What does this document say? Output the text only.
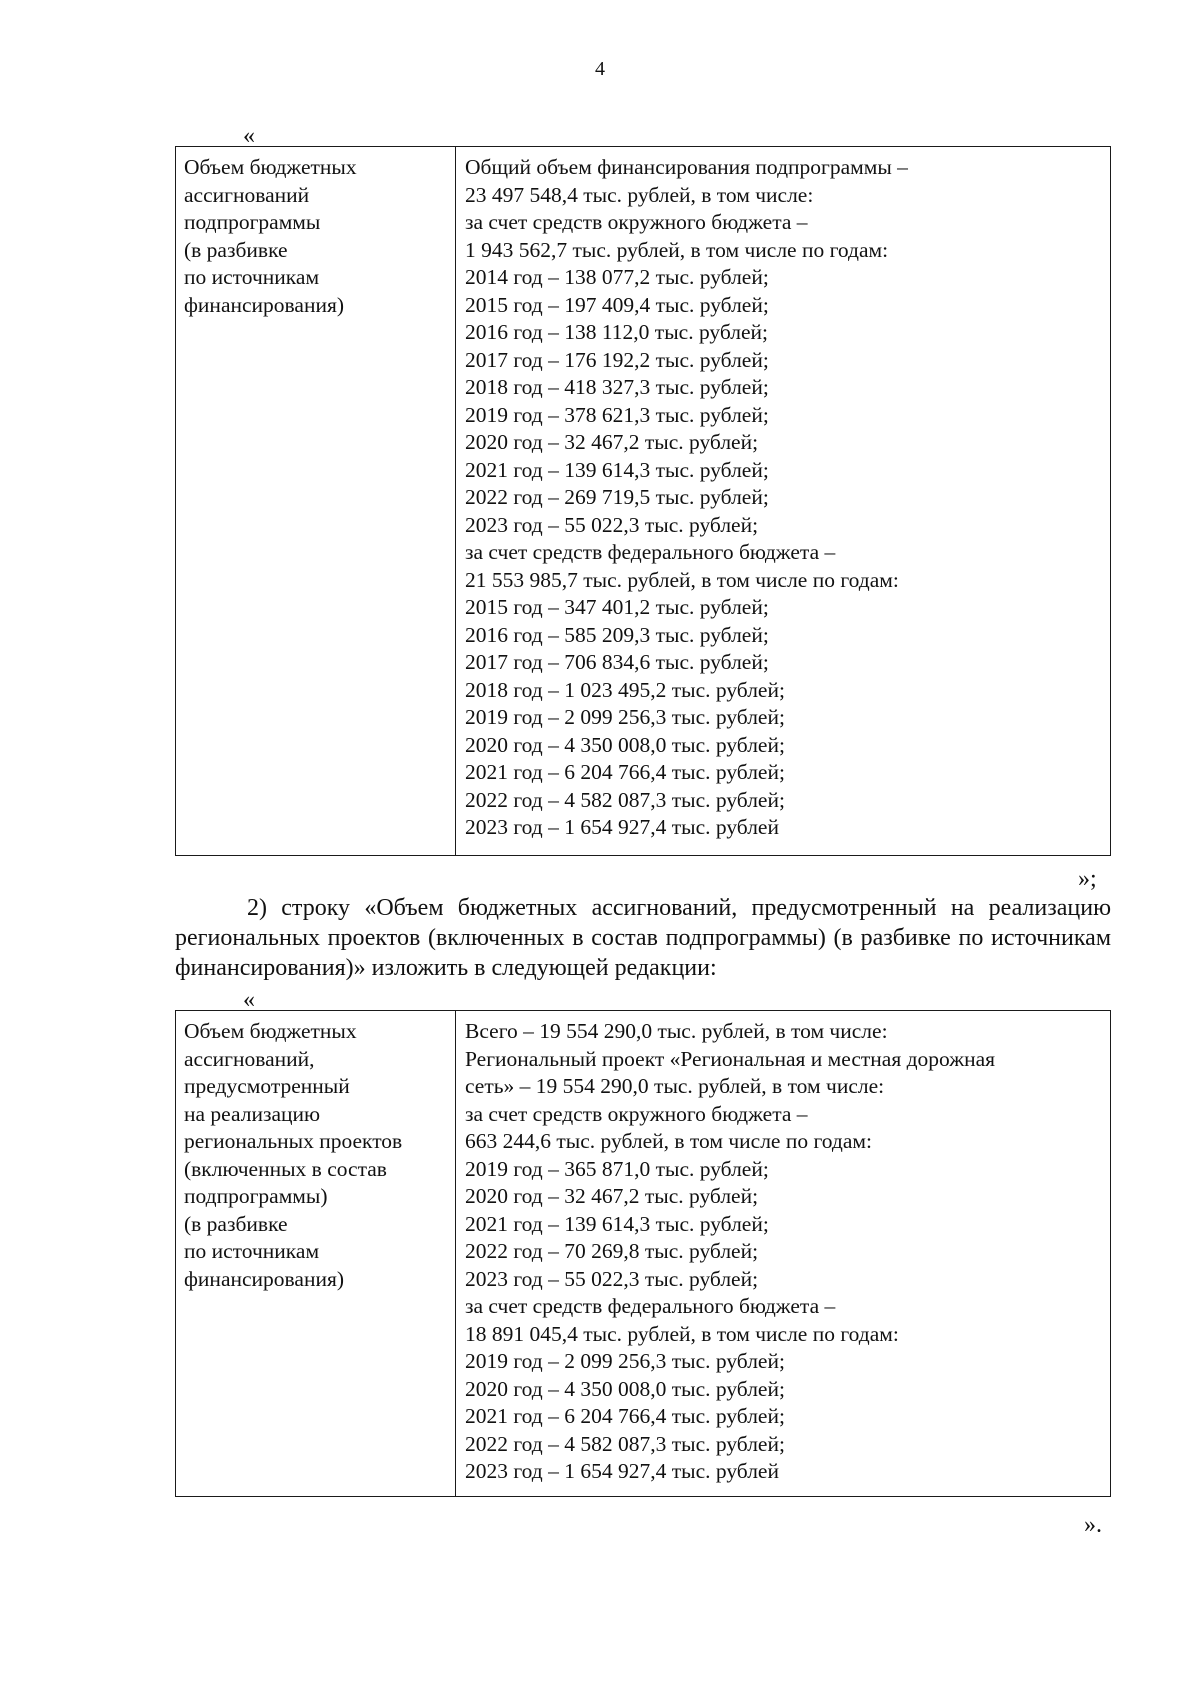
4
«
Объем бюджетных
ассигнований
подпрограммы
(в разбивке
по источникам
финансирования)
Общий объем финансирования подпрограммы –
23 497 548,4 тыс. рублей, в том числе:
за счет средств окружного бюджета –
1 943 562,7 тыс. рублей, в том числе по годам:
2014 год – 138 077,2 тыс. рублей;
2015 год – 197 409,4 тыс. рублей;
2016 год – 138 112,0 тыс. рублей;
2017 год – 176 192,2 тыс. рублей;
2018 год – 418 327,3 тыс. рублей;
2019 год – 378 621,3 тыс. рублей;
2020 год – 32 467,2 тыс. рублей;
2021 год – 139 614,3 тыс. рублей;
2022 год – 269 719,5 тыс. рублей;
2023 год – 55 022,3 тыс. рублей;
за счет средств федерального бюджета –
21 553 985,7 тыс. рублей, в том числе по годам:
2015 год – 347 401,2 тыс. рублей;
2016 год – 585 209,3 тыс. рублей;
2017 год – 706 834,6 тыс. рублей;
2018 год – 1 023 495,2 тыс. рублей;
2019 год – 2 099 256,3 тыс. рублей;
2020 год – 4 350 008,0 тыс. рублей;
2021 год – 6 204 766,4 тыс. рублей;
2022 год – 4 582 087,3 тыс. рублей;
2023 год – 1 654 927,4 тыс. рублей
»;
2) строку «Объем бюджетных ассигнований, предусмотренный на реализацию региональных проектов (включенных в состав подпрограммы) (в разбивке по источникам финансирования)» изложить в следующей редакции:
«
Объем бюджетных
ассигнований,
предусмотренный
на реализацию
региональных проектов
(включенных в состав
подпрограммы)
(в разбивке
по источникам
финансирования)
Всего – 19 554 290,0 тыс. рублей, в том числе:
Региональный проект «Региональная и местная дорожная
сеть» – 19 554 290,0 тыс. рублей, в том числе:
за счет средств окружного бюджета –
663 244,6 тыс. рублей, в том числе по годам:
2019 год – 365 871,0 тыс. рублей;
2020 год – 32 467,2 тыс. рублей;
2021 год – 139 614,3 тыс. рублей;
2022 год – 70 269,8 тыс. рублей;
2023 год – 55 022,3 тыс. рублей;
за счет средств федерального бюджета –
18 891 045,4 тыс. рублей, в том числе по годам:
2019 год – 2 099 256,3 тыс. рублей;
2020 год – 4 350 008,0 тыс. рублей;
2021 год – 6 204 766,4 тыс. рублей;
2022 год – 4 582 087,3 тыс. рублей;
2023 год – 1 654 927,4 тыс. рублей
».
